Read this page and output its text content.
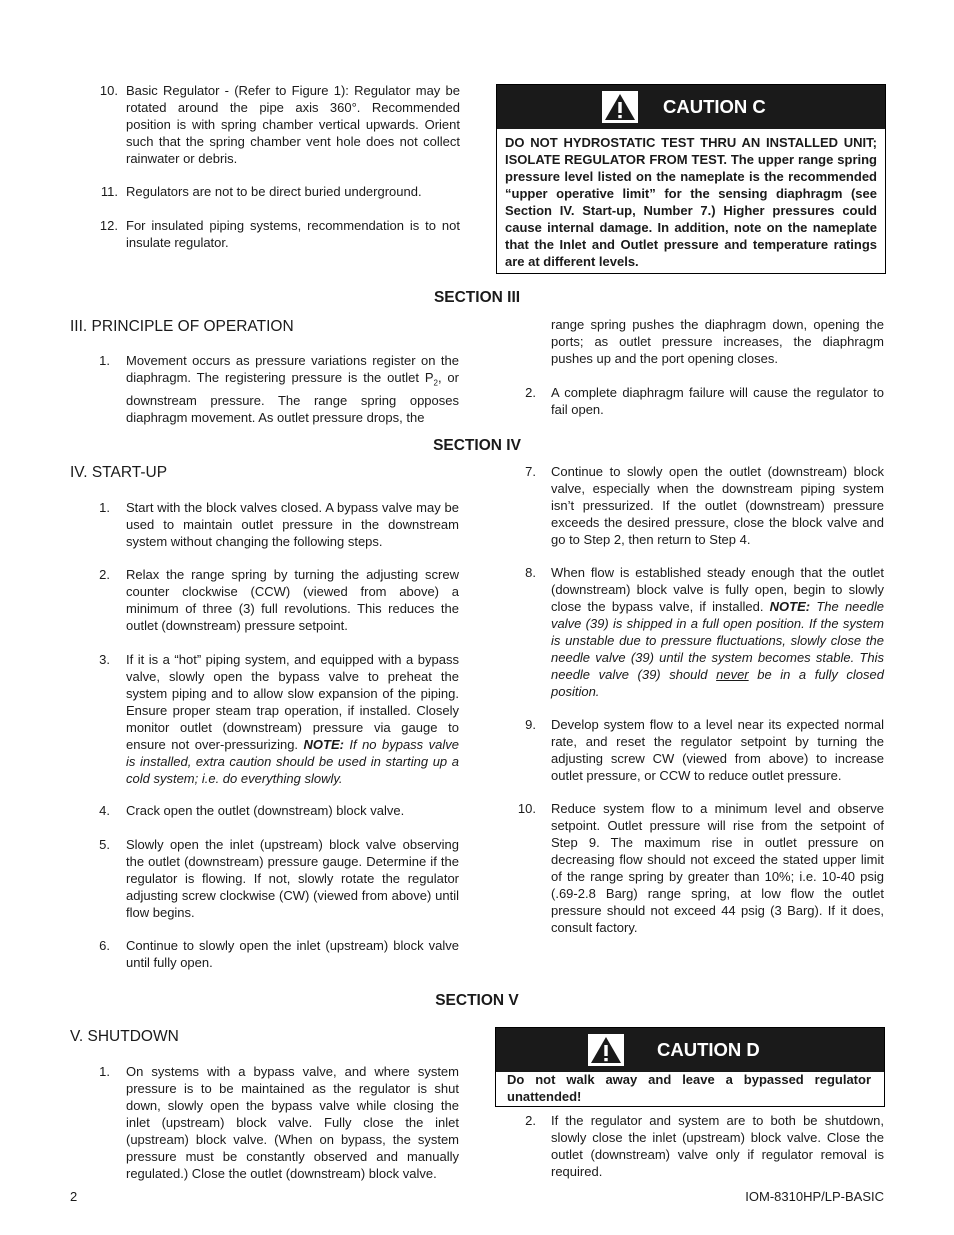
10. Basic Regulator - (Refer to Figure 1): Regulator may be rotated around the pipe axis 360°. Recommended position is with spring chamber vertical upwards. Orient such that the spring chamber vent hole does not collect rainwater or debris.
11. Regulators are not to be direct buried underground.
12. For insulated piping systems, recommendation is to not insulate regulator.
CAUTION C
DO NOT HYDROSTATIC TEST THRU AN INSTALLED UNIT; ISOLATE REGULATOR FROM TEST. The upper range spring pressure level listed on the nameplate is the recommended “upper operative limit” for the sensing diaphragm (see Section IV. Start-up, Number 7.) Higher pressures could cause internal damage. In addition, note on the nameplate that the Inlet and Outlet pressure and temperature ratings are at different levels.
SECTION III
III. PRINCIPLE OF OPERATION
1. Movement occurs as pressure variations register on the diaphragm. The registering pressure is the outlet $P_2$, or downstream pressure. The range spring opposes diaphragm movement. As outlet pressure drops, the
range spring pushes the diaphragm down, opening the ports; as outlet pressure increases, the diaphragm pushes up and the port opening closes.
2. A complete diaphragm failure will cause the regulator to fail open.
SECTION IV
IV. START-UP
1. Start with the block valves closed. A bypass valve may be used to maintain outlet pressure in the downstream system without changing the following steps.
2. Relax the range spring by turning the adjusting screw counter clockwise (CCW) (viewed from above) a minimum of three (3) full revolutions. This reduces the outlet (downstream) pressure setpoint.
3. If it is a “hot” piping system, and equipped with a bypass valve, slowly open the bypass valve to preheat the system piping and to allow slow expansion of the piping. Ensure proper steam trap operation, if installed. Closely monitor outlet (downstream) pressure via gauge to ensure not over-pressurizing. NOTE: If no bypass valve is installed, extra caution should be used in starting up a cold system; i.e. do everything slowly.
4. Crack open the outlet (downstream) block valve.
5. Slowly open the inlet (upstream) block valve observing the outlet (downstream) pressure gauge. Determine if the regulator is flowing. If not, slowly rotate the regulator adjusting screw clockwise (CW) (viewed from above) until flow begins.
6. Continue to slowly open the inlet (upstream) block valve until fully open.
7. Continue to slowly open the outlet (downstream) block valve, especially when the downstream piping system isn’t pressurized. If the outlet (downstream) pressure exceeds the desired pressure, close the block valve and go to Step 2, then return to Step 4.
8. When flow is established steady enough that the outlet (downstream) block valve is fully open, begin to slowly close the bypass valve, if installed. NOTE: The needle valve (39) is shipped in a full open position. If the system is unstable due to pressure fluctuations, slowly close the needle valve (39) until the system becomes stable. This needle valve (39) should never be in a fully closed position.
9. Develop system flow to a level near its expected normal rate, and reset the regulator setpoint by turning the adjusting screw CW (viewed from above) to increase outlet pressure, or CCW to reduce outlet pressure.
10. Reduce system flow to a minimum level and observe setpoint. Outlet pressure will rise from the setpoint of Step 9. The maximum rise in outlet pressure on decreasing flow should not exceed the stated upper limit of the range spring by greater than 10%; i.e. 10-40 psig (.69-2.8 Barg) range spring, at low flow the outlet pressure should not exceed 44 psig (3 Barg). If it does, consult factory.
SECTION V
V. SHUTDOWN
1. On systems with a bypass valve, and where system pressure is to be maintained as the regulator is shut down, slowly open the bypass valve while closing the inlet (upstream) block valve. Fully close the inlet (upstream) block valve. (When on bypass, the system pressure must be constantly observed and manually regulated.) Close the outlet (downstream) block valve.
CAUTION D
Do not walk away and leave a bypassed regulator unattended!
2. If the regulator and system are to both be shutdown, slowly close the inlet (upstream) block valve. Close the outlet (downstream) valve only if regulator removal is required.
2	IOM-8310HP/LP-BASIC
